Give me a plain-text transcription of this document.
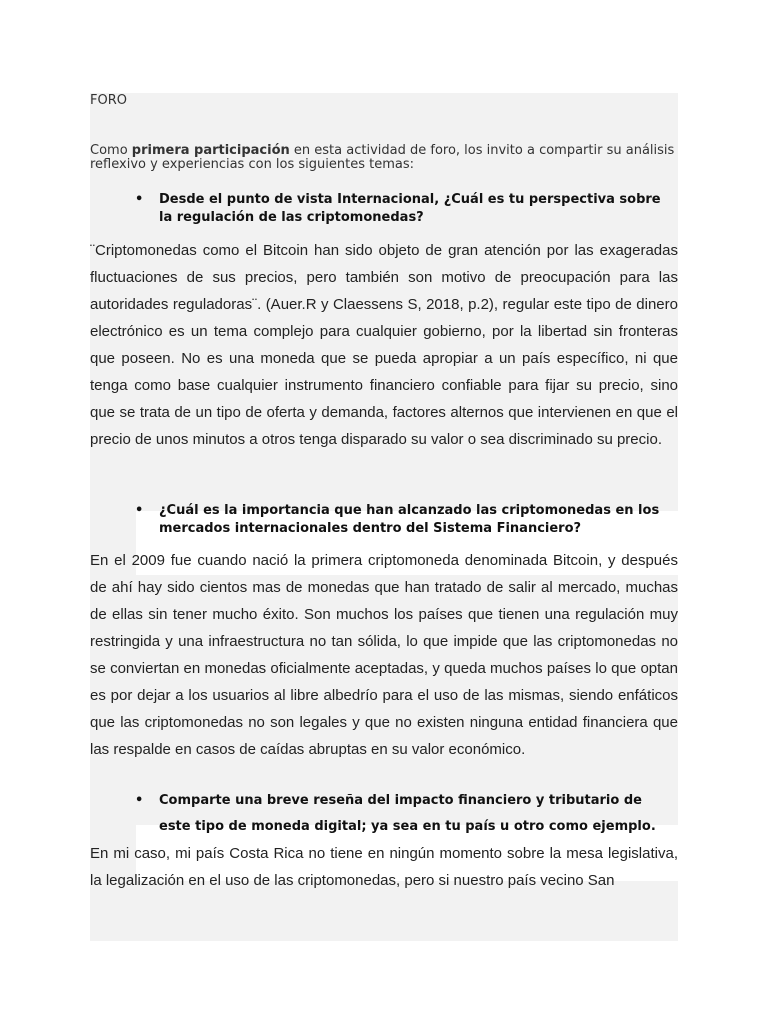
FORO

Como primera participación en esta actividad de foro, los invito a compartir su análisis reflexivo y experiencias con los siguientes temas:

• Desde el punto de vista Internacional, ¿Cuál es tu perspectiva sobre la regulación de las criptomonedas?

¨Criptomonedas como el Bitcoin han sido objeto de gran atención por las exageradas fluctuaciones de sus precios, pero también son motivo de preocupación para las autoridades reguladoras¨. (Auer.R y Claessens S, 2018, p.2), regular este tipo de dinero electrónico es un tema complejo para cualquier gobierno, por la libertad sin fronteras que poseen. No es una moneda que se pueda apropiar a un país específico, ni que tenga como base cualquier instrumento financiero confiable para fijar su precio, sino que se trata de un tipo de oferta y demanda, factores alternos que intervienen en que el precio de unos minutos a otros tenga disparado su valor o sea discriminado su precio.

• ¿Cuál es la importancia que han alcanzado las criptomonedas en los mercados internacionales dentro del Sistema Financiero?

En el 2009 fue cuando nació la primera criptomoneda denominada Bitcoin, y después de ahí hay sido cientos mas de monedas que han tratado de salir al mercado, muchas de ellas sin tener mucho éxito. Son muchos los países que tienen una regulación muy restringida y una infraestructura no tan sólida, lo que impide que las criptomonedas no se conviertan en monedas oficialmente aceptadas, y queda muchos países lo que optan es por dejar a los usuarios al libre albedrío para el uso de las mismas, siendo enfáticos que las criptomonedas no son legales y que no existen ninguna entidad financiera que las respalde en casos de caídas abruptas en su valor económico.

• Comparte una breve reseña del impacto financiero y tributario de este tipo de moneda digital; ya sea en tu país u otro como ejemplo.

En mi caso, mi país Costa Rica no tiene en ningún momento sobre la mesa legislativa, la legalización en el uso de las criptomonedas, pero si nuestro país vecino San
